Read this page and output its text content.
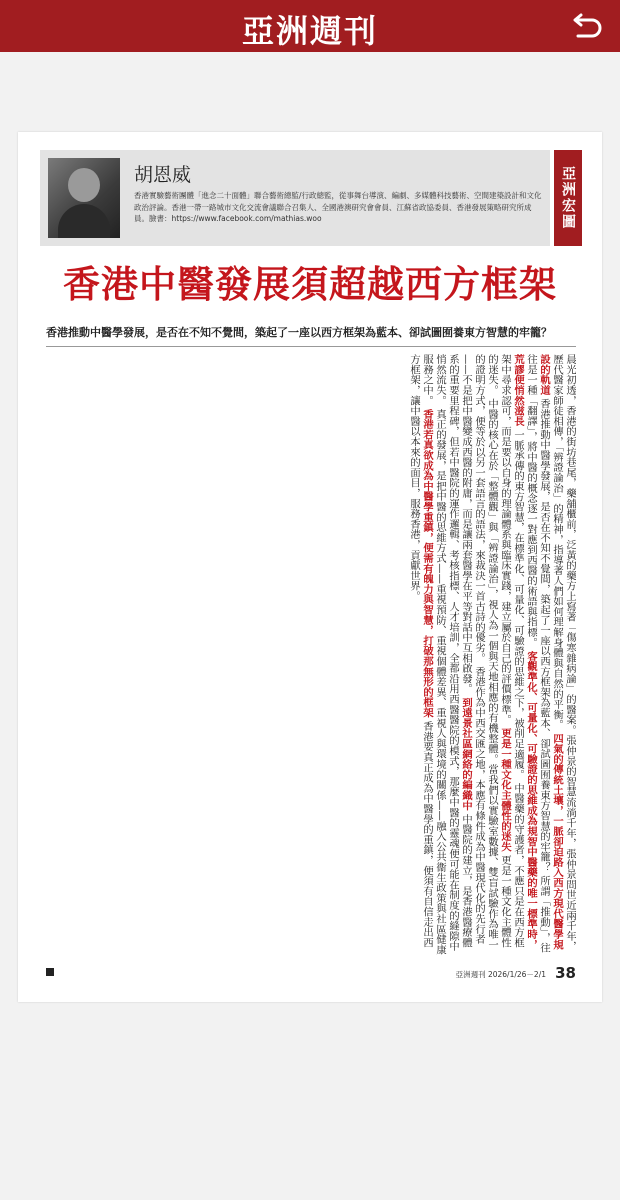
亞洲週刊
胡恩威
香港實驗藝術團體「進念二十面體」聯合藝術總監/行政總監，從事舞台導演、編劇、多媒體科技藝術、空間建築設計和文化政治評論。香港一帶一路城市文化交流會議聯合召集人、全國港澳研究會會員、江蘇省政協委員、香港發展策略研究所成員。臉書：https://www.facebook.com/mathias.woo	亞洲宏圖
香港中醫發展須超越西方框架
香港推動中醫學發展，是否在不知不覺間，築起了一座以西方框架為藍本、卻試圖囿養東方智慧的牢籠？
晨光初透，香港的街坊巷尾，藥舖櫃前，泛黃的藥方上寫著「傷寒雜病論」的醫案。張仲景的智慧流淌千年，張仲景問世近兩千年，歷代醫家師徒相傳，「辨證論治」的精神，指導著人們如何理解身體與自然的平衡。 四氣的傳統土壤，一脈卻迫路入西方現代醫學規設的軌道 香港推動中醫學發展，是否在不知不覺間，築起了一座以西方框架為藍本、卻試圖囿養東方智慧的牢籠？ 所謂「推動」，往往是一種「翻譯」，將中醫的概念逐一對應到西醫的術語與指標。 客觀準化、可量化、可驗證的思維成為規智中醫藥的唯一標準時，荒謬便悄然滋長 一脈承傳的東方智慧，在標準化、可量化、可驗證的思維之下，被削足適履。 中醫藥的守護者，不應只是在西方框架中尋求認可，而是要以自身的理論體系與臨床實踐，建立屬於自己的評價標準。 更是一種文化主體性的迷失 更是一種文化主體性的迷失。 中醫的核心在於「整體觀」與「辨證論治」，視人為一個與天地相應的有機整體。當我們以實驗室數據、雙盲試驗作為唯一的證明方式，便等於以另一套語言的語法，來裁決一首古詩的優劣。 香港作為中西交匯之地，本應有條件成為中醫現代化的先行者——不是把中醫變成西醫的附庸，而是讓兩套醫學在平等對話中互相啟發。 到遠景社區網絡的編織中 中醫院的建立，是香港醫療體系的重要里程碑，但若中醫院的運作邏輯、考核指標、人才培訓，全都沿用西醫醫院的模式，那麼中醫的靈魂便可能在制度的縫隙中悄然流失。 真正的發展，是把中醫的思維方式——重視預防、重視個體差異、重視人與環境的關係——融入公共衞生政策與社區健康服務之中。 香港若真欲成為中醫學重鎮，便需有魄力與智慧，打破那無形的框架 香港要真正成為中醫學的重鎮，便須有自信走出西方框架，讓中醫以本來的面目，服務香港，貢獻世界。
亞洲週刊 2026/1/26－2/1 38
